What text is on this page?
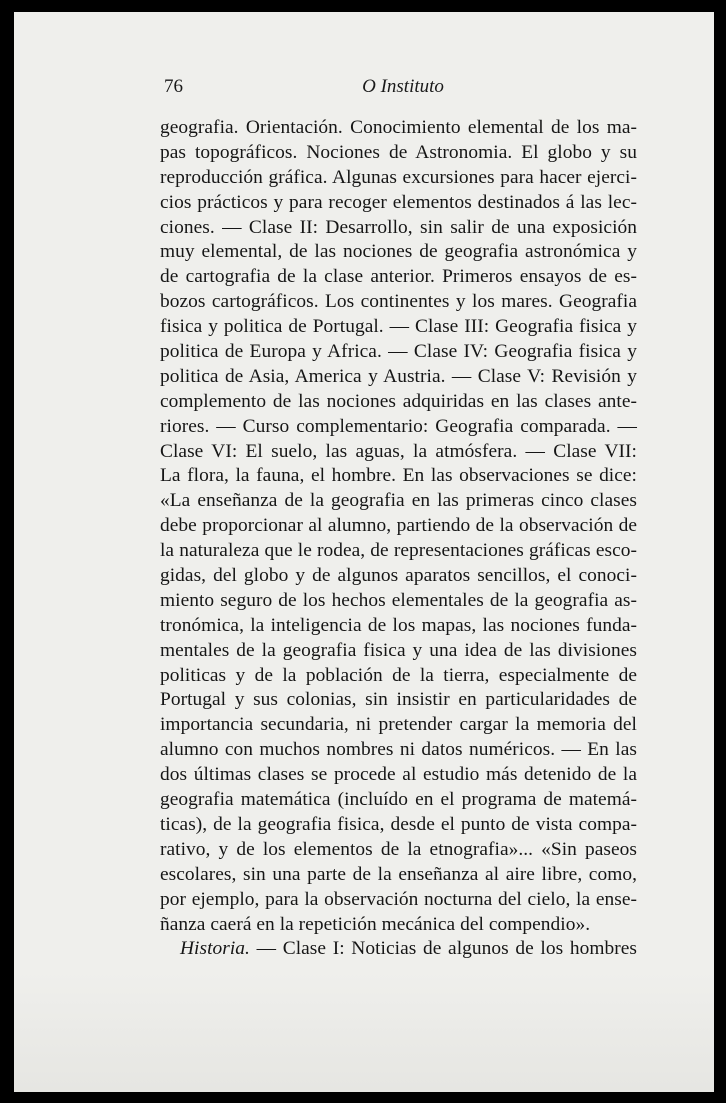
76	O Instituto
geografia. Orientación. Conocimiento elemental de los ma-
pas topográficos. Nociones de Astronomia. El globo y su
reproducción gráfica. Algunas excursiones para hacer ejerci-
cios prácticos y para recoger elementos destinados á las lec-
ciones. — Clase II: Desarrollo, sin salir de una exposición
muy elemental, de las nociones de geografia astronómica y
de cartografia de la clase anterior. Primeros ensayos de es-
bozos cartográficos. Los continentes y los mares. Geografia
fisica y politica de Portugal. — Clase III: Geografia fisica y
politica de Europa y Africa. — Clase IV: Geografia fisica y
politica de Asia, America y Austria. — Clase V: Revisión y
complemento de las nociones adquiridas en las clases ante-
riores. — Curso complementario: Geografia comparada. —
Clase VI: El suelo, las aguas, la atmósfera. — Clase VII:
La flora, la fauna, el hombre. En las observaciones se dice:
«La enseñanza de la geografia en las primeras cinco clases
debe proporcionar al alumno, partiendo de la observación de
la naturaleza que le rodea, de representaciones gráficas esco-
gidas, del globo y de algunos aparatos sencillos, el conoci-
miento seguro de los hechos elementales de la geografia as-
tronómica, la inteligencia de los mapas, las nociones funda-
mentales de la geografia fisica y una idea de las divisiones
politicas y de la población de la tierra, especialmente de
Portugal y sus colonias, sin insistir en particularidades de
importancia secundaria, ni pretender cargar la memoria del
alumno con muchos nombres ni datos numéricos. — En las
dos últimas clases se procede al estudio más detenido de la
geografia matemática (incluído en el programa de matemá-
ticas), de la geografia fisica, desde el punto de vista compa-
rativo, y de los elementos de la etnografia»... «Sin paseos
escolares, sin una parte de la enseñanza al aire libre, como,
por ejemplo, para la observación nocturna del cielo, la ense-
ñanza caerá en la repetición mecánica del compendio».
Historia. — Clase I: Noticias de algunos de los hombres
